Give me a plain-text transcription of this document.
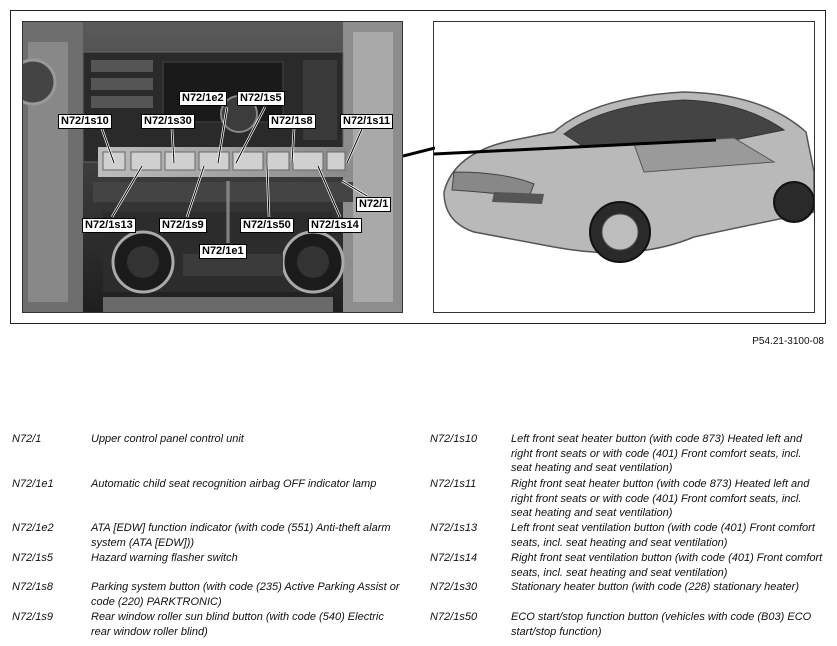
N72/1e2 N72/1s5
N72/1s10	N72/1s30	N72/1s8	N72/1s11
N72/1
N72/1s13	N72/1s9	N72/1s50 N72/1s14
N72/1e1
P54.21-3100-08
N72/1	Upper control panel control unit
N72/1e1	Automatic child seat recognition airbag OFF indicator lamp
N72/1e2	ATA [EDW] function indicator (with code (551) Anti-theft alarm system (ATA [EDW]))
N72/1s5	Hazard warning flasher switch
N72/1s8	Parking system button (with code (235) Active Parking Assist or code (220) PARKTRONIC)
N72/1s9	Rear window roller sun blind button (with code (540) Electric rear window roller blind)
N72/1s10	Left front seat heater button (with code 873) Heated left and right front seats or with code (401) Front comfort seats, incl. seat heating and seat ventilation)
N72/1s11	Right front seat heater button (with code 873) Heated left and right front seats or with code (401) Front comfort seats, incl. seat heating and seat ventilation)
N72/1s13	Left front seat ventilation button (with code (401) Front comfort seats, incl. seat heating and seat ventilation)
N72/1s14	Right front seat ventilation button (with code (401) Front comfort seats, incl. seat heating and seat ventilation)
N72/1s30	Stationary heater button (with code (228) stationary heater)
N72/1s50	ECO start/stop function button (vehicles with code (B03) ECO start/stop function)
